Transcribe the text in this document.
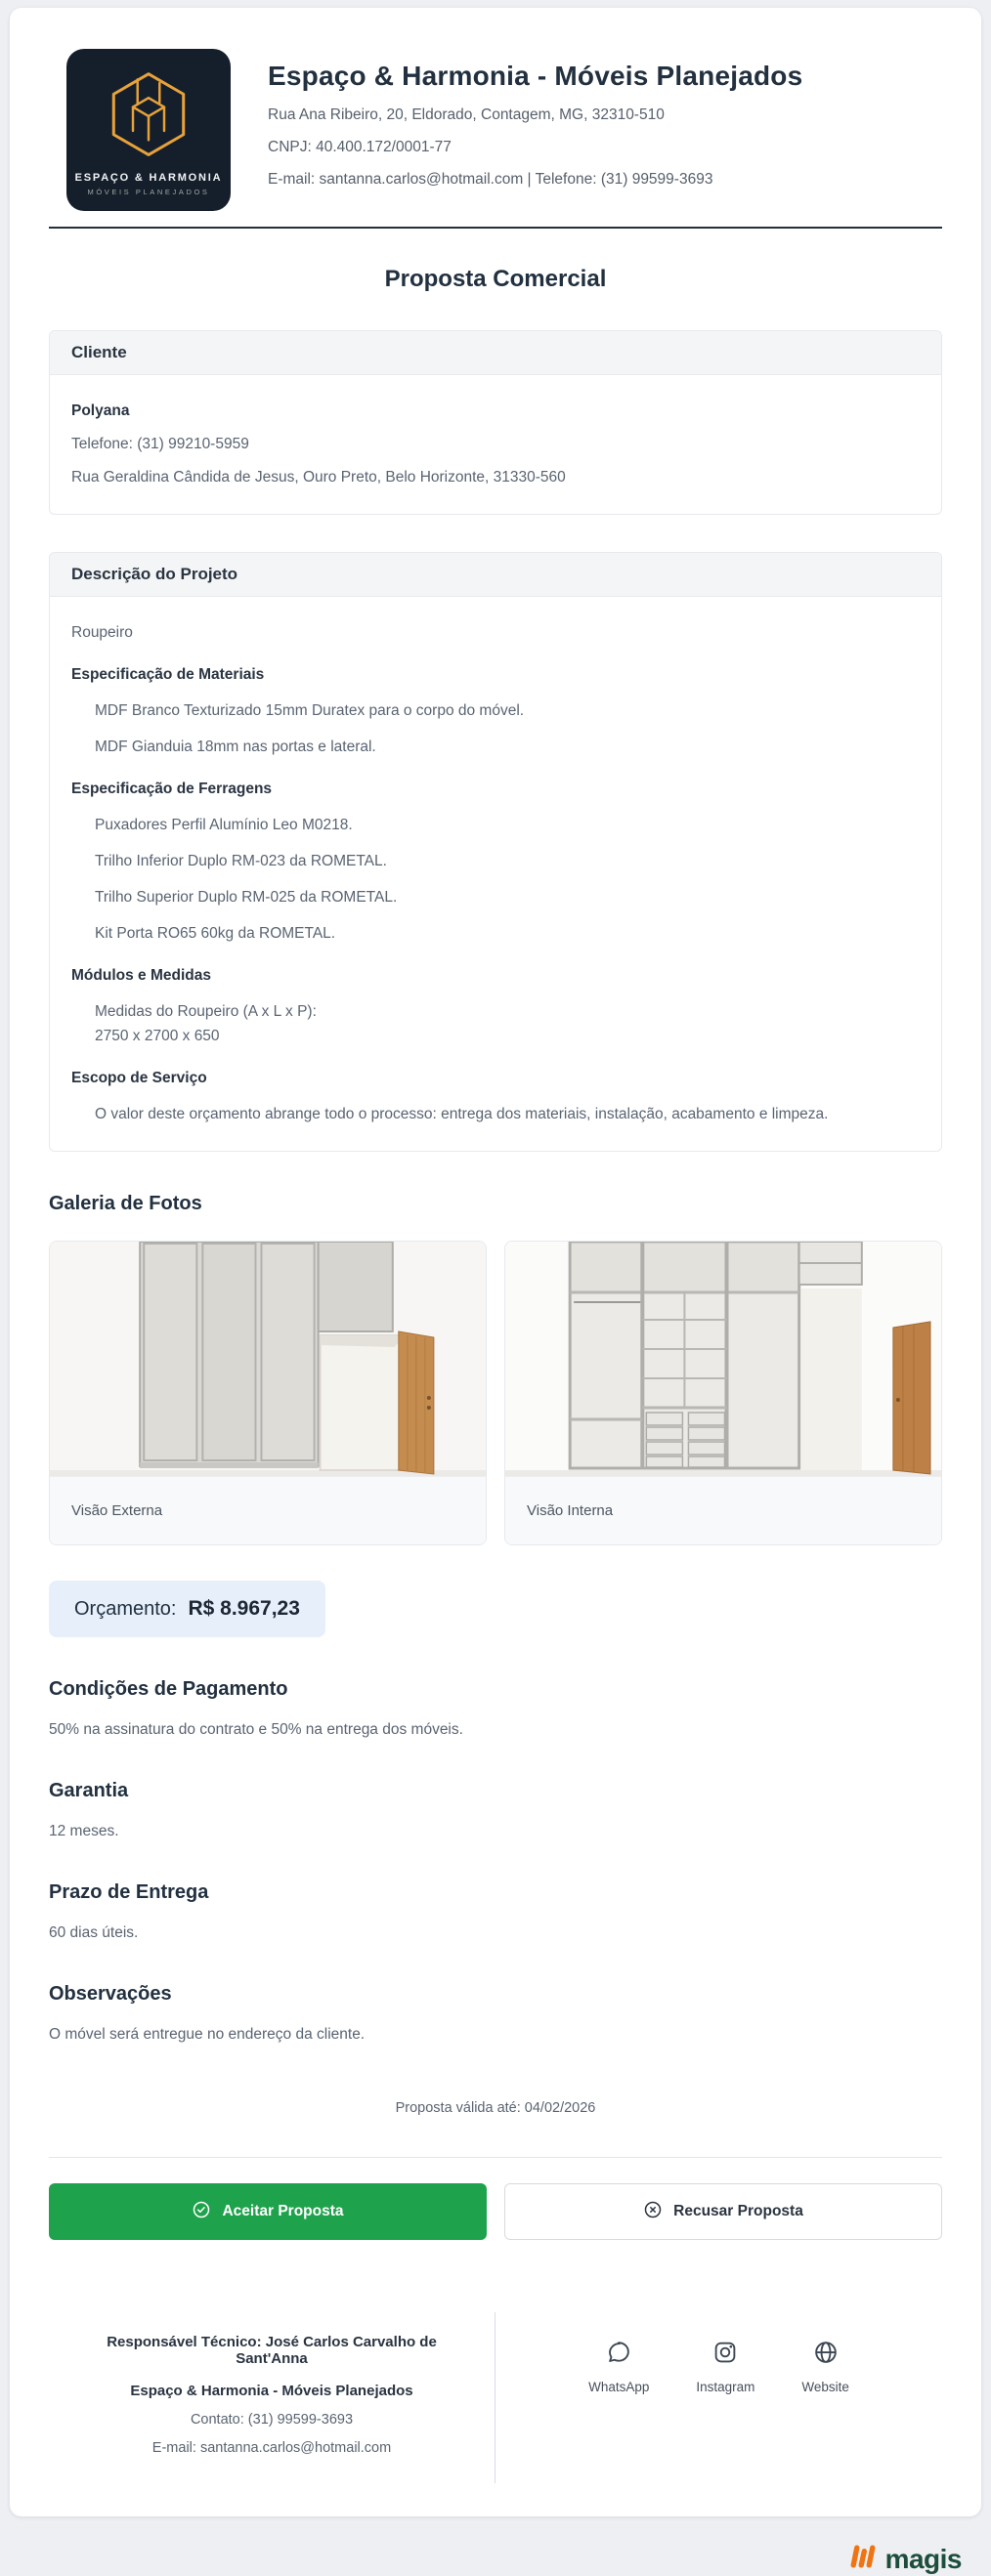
ESPAÇO & HARMONIA
MÓVEIS PLANEJADOS
Espaço & Harmonia - Móveis Planejados
Rua Ana Ribeiro, 20, Eldorado, Contagem, MG, 32310-510
CNPJ: 40.400.172/0001-77
E-mail: santanna.carlos@hotmail.com | Telefone: (31) 99599-3693
Proposta Comercial
Cliente
Polyana
Telefone: (31) 99210-5959
Rua Geraldina Cândida de Jesus, Ouro Preto, Belo Horizonte, 31330-560
Descrição do Projeto
Roupeiro
Especificação de Materiais
MDF Branco Texturizado 15mm Duratex para o corpo do móvel.
MDF Gianduia 18mm nas portas e lateral.
Especificação de Ferragens
Puxadores Perfil Alumínio Leo M0218.
Trilho Inferior Duplo RM-023 da ROMETAL.
Trilho Superior Duplo RM-025 da ROMETAL.
Kit Porta RO65 60kg da ROMETAL.
Módulos e Medidas
Medidas do Roupeiro (A x L x P):
2750 x 2700 x 650
Escopo de Serviço
O valor deste orçamento abrange todo o processo: entrega dos materiais, instalação, acabamento e limpeza.
Galeria de Fotos
Visão Externa	Visão Interna
Orçamento: R$ 8.967,23
Condições de Pagamento

50% na assinatura do contrato e 50% na entrega dos móveis.

Garantia

12 meses.

Prazo de Entrega

60 dias úteis.

Observações

O móvel será entregue no endereço da cliente.

Proposta válida até: 04/02/2026
Aceitar Proposta	Recusar Proposta
Responsável Técnico: José Carlos Carvalho de Sant'Anna
Espaço & Harmonia - Móveis Planejados
Contato: (31) 99599-3693
E-mail: santanna.carlos@hotmail.com
WhatsApp	Instagram	Website
magis
